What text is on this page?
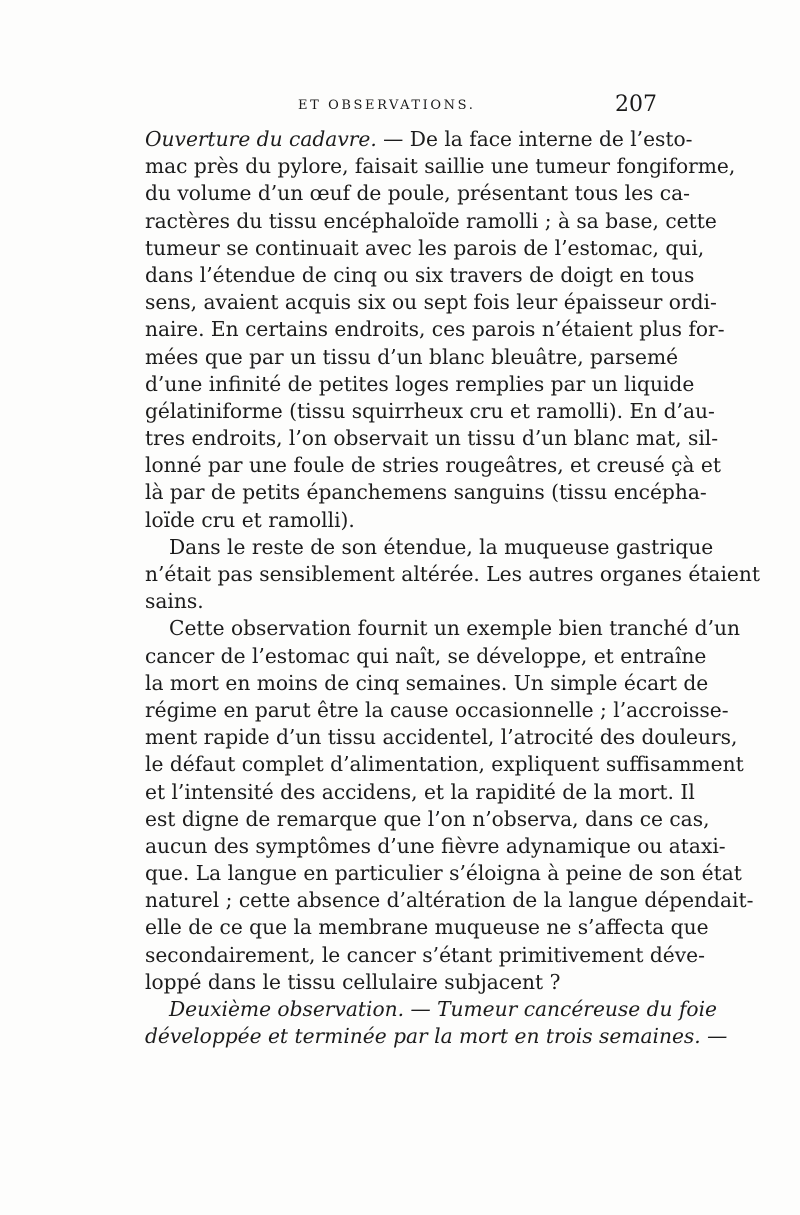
ET OBSERVATIONS.	207
Ouverture du cadavre. — De la face interne de l’esto-
mac près du pylore, faisait saillie une tumeur fongiforme,
du volume d’un œuf de poule, présentant tous les ca-
ractères du tissu encéphaloïde ramolli ; à sa base, cette
tumeur se continuait avec les parois de l’estomac, qui,
dans l’étendue de cinq ou six travers de doigt en tous
sens, avaient acquis six ou sept fois leur épaisseur ordi-
naire. En certains endroits, ces parois n’étaient plus for-
mées que par un tissu d’un blanc bleuâtre, parsemé
d’une infinité de petites loges remplies par un liquide
gélatiniforme (tissu squirrheux cru et ramolli). En d’au-
tres endroits, l’on observait un tissu d’un blanc mat, sil-
lonné par une foule de stries rougeâtres, et creusé çà et
là par de petits épanchemens sanguins (tissu encépha-
loïde cru et ramolli).
Dans le reste de son étendue, la muqueuse gastrique
n’était pas sensiblement altérée. Les autres organes étaient
sains.
Cette observation fournit un exemple bien tranché d’un
cancer de l’estomac qui naît, se développe, et entraîne
la mort en moins de cinq semaines. Un simple écart de
régime en parut être la cause occasionnelle ; l’accroisse-
ment rapide d’un tissu accidentel, l’atrocité des douleurs,
le défaut complet d’alimentation, expliquent suffisamment
et l’intensité des accidens, et la rapidité de la mort. Il
est digne de remarque que l’on n’observa, dans ce cas,
aucun des symptômes d’une fièvre adynamique ou ataxi-
que. La langue en particulier s’éloigna à peine de son état
naturel ; cette absence d’altération de la langue dépendait-
elle de ce que la membrane muqueuse ne s’affecta que
secondairement, le cancer s’étant primitivement déve-
loppé dans le tissu cellulaire subjacent ?
Deuxième observation. — Tumeur cancéreuse du foie
développée et terminée par la mort en trois semaines. —
